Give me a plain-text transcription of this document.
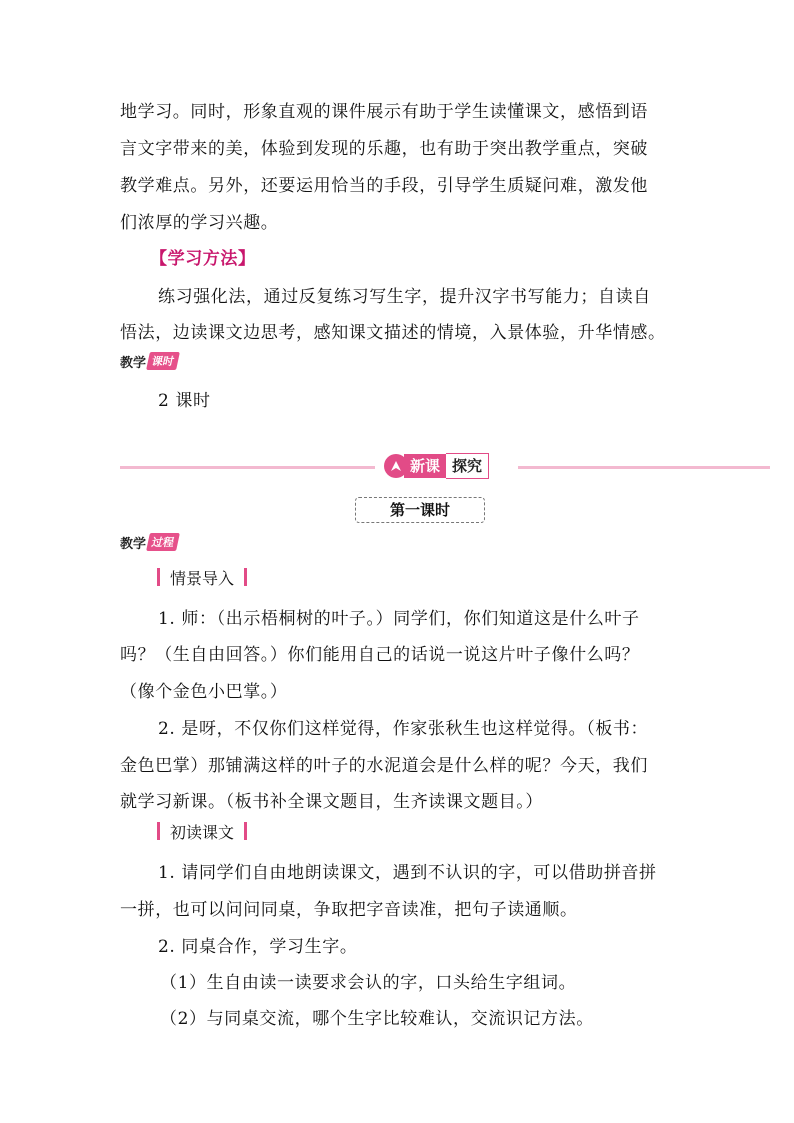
地学习。同时，形象直观的课件展示有助于学生读懂课文，感悟到语
言文字带来的美，体验到发现的乐趣，也有助于突出教学重点，突破
教学难点。另外，还要运用恰当的手段，引导学生质疑问难，激发他
们浓厚的学习兴趣。
【学习方法】
练习强化法，通过反复练习写生字，提升汉字书写能力；自读自
悟法，边读课文边思考，感知课文描述的情境，入景体验，升华情感。
教学 课时
2 课时
新课 探究
第一课时
教学 过程
情景导入
1. 师：（出示梧桐树的叶子。）同学们，你们知道这是什么叶子
吗？（生自由回答。）你们能用自己的话说一说这片叶子像什么吗？
（像个金色小巴掌。）
2. 是呀，不仅你们这样觉得，作家张秋生也这样觉得。（板书：
金色巴掌）那铺满这样的叶子的水泥道会是什么样的呢？今天，我们
就学习新课。（板书补全课文题目，生齐读课文题目。）
初读课文
1. 请同学们自由地朗读课文，遇到不认识的字，可以借助拼音拼
一拼，也可以问问同桌，争取把字音读准，把句子读通顺。
2. 同桌合作，学习生字。
（1）生自由读一读要求会认的字，口头给生字组词。
（2）与同桌交流，哪个生字比较难认，交流识记方法。
